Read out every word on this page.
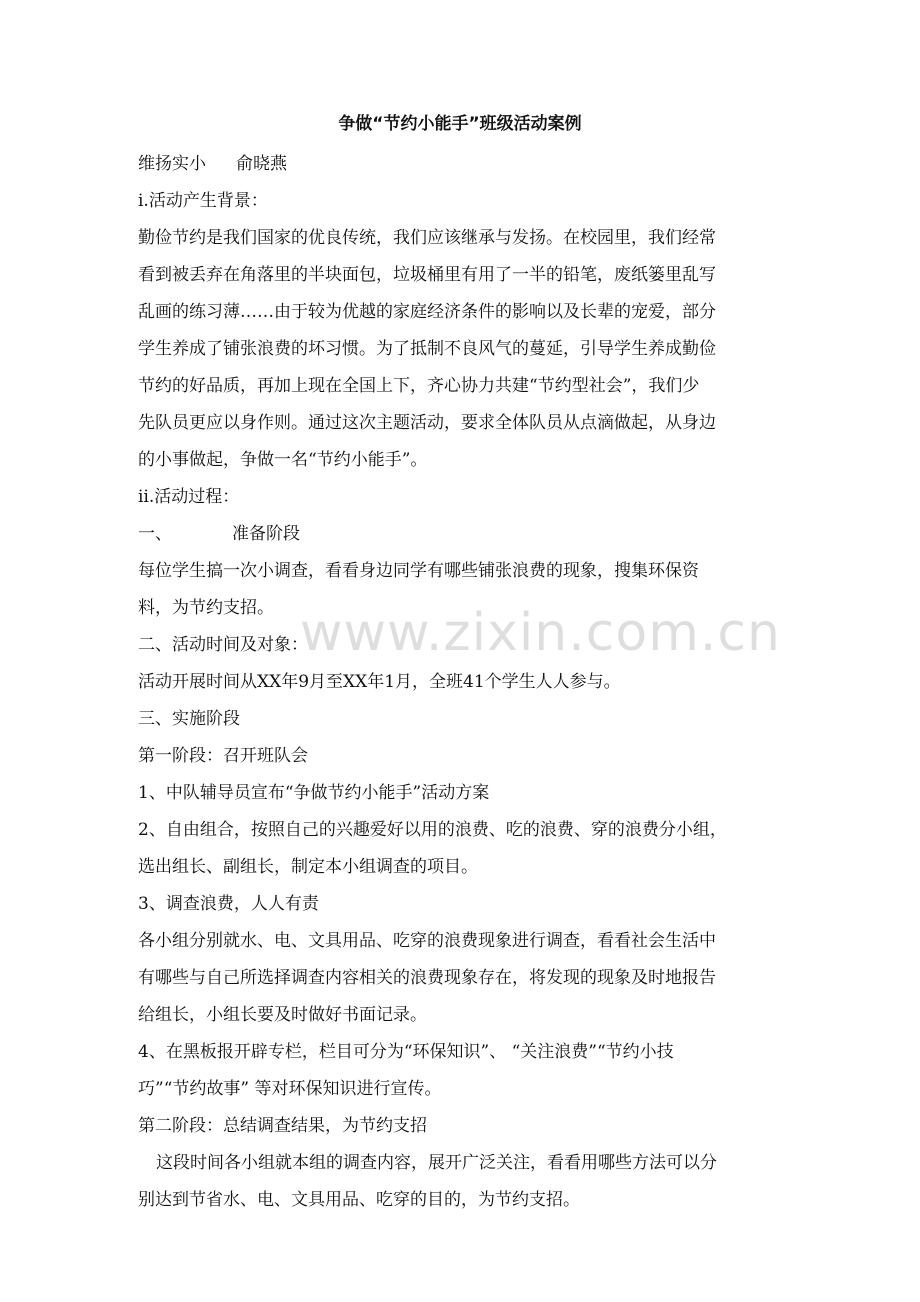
争做“节约小能手”班级活动案例

维扬实小 俞晓燕

ⅰ.活动产生背景：

勤俭节约是我们国家的优良传统，我们应该继承与发扬。在校园里，我们经常

看到被丢弃在角落里的半块面包，垃圾桶里有用了一半的铅笔，废纸篓里乱写

乱画的练习薄……由于较为优越的家庭经济条件的影响以及长辈的宠爱，部分

学生养成了铺张浪费的坏习惯。为了抵制不良风气的蔓延，引导学生养成勤俭

节约的好品质，再加上现在全国上下，齐心协力共建“节约型社会”，我们少

先队员更应以身作则。通过这次主题活动，要求全体队员从点滴做起，从身边

的小事做起，争做一名“节约小能手”。

ⅱ.活动过程：

一、	准备阶段

每位学生搞一次小调查，看看身边同学有哪些铺张浪费的现象，搜集环保资

料，为节约支招。

二、活动时间及对象：

活动开展时间从XX年9月至XX年1月，全班41个学生人人参与。

三、实施阶段

第一阶段：召开班队会

1、中队辅导员宣布“争做节约小能手”活动方案

2、自由组合，按照自己的兴趣爱好以用的浪费、吃的浪费、穿的浪费分小组，

选出组长、副组长，制定本小组调查的项目。

3、调查浪费，人人有责

各小组分别就水、电、文具用品、吃穿的浪费现象进行调查，看看社会生活中

有哪些与自己所选择调查内容相关的浪费现象存在，将发现的现象及时地报告

给组长，小组长要及时做好书面记录。

4、在黑板报开辟专栏，栏目可分为“环保知识”、 “关注浪费”“节约小技

巧”“节约故事” 等对环保知识进行宣传。

第二阶段：总结调查结果，为节约支招

这段时间各小组就本组的调查内容，展开广泛关注，看看用哪些方法可以分

别达到节省水、电、文具用品、吃穿的目的，为节约支招。

www.zixin.com.cn
